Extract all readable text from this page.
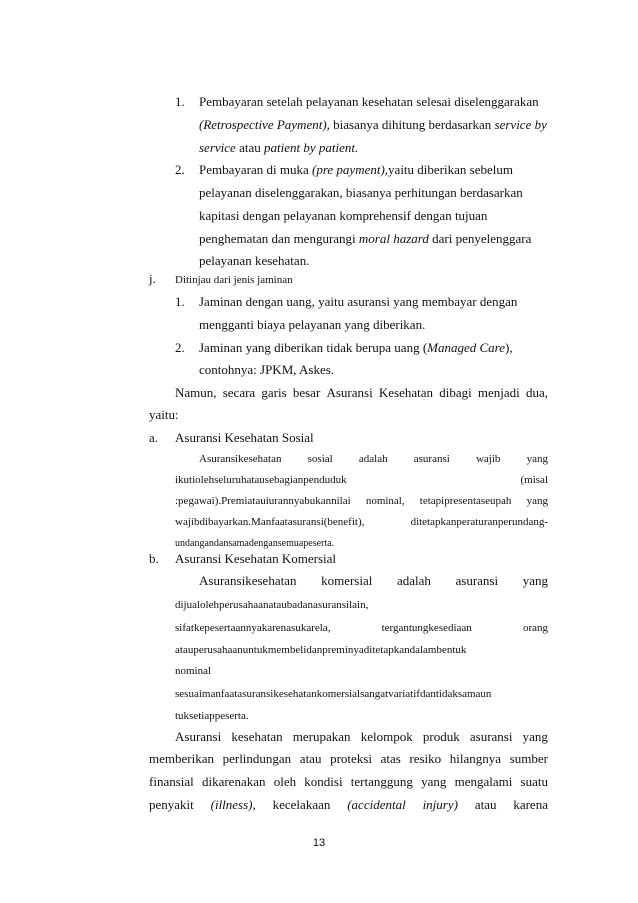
1. Pembayaran setelah pelayanan kesehatan selesai diselenggarakan
(Retrospective Payment), biasanya dihitung berdasarkan service by
service atau patient by patient.
2. Pembayaran di muka (pre payment),yaitu diberikan sebelum
pelayanan diselenggarakan, biasanya perhitungan berdasarkan
kapitasi dengan pelayanan komprehensif dengan tujuan
penghematan dan mengurangi moral hazard dari penyelenggara
pelayanan kesehatan.
j. Ditinjau dari jenis jaminan
1. Jaminan dengan uang, yaitu asuransi yang membayar dengan
mengganti biaya pelayanan yang diberikan.
2. Jaminan yang diberikan tidak berupa uang (Managed Care),
contohnya: JPKM, Askes.
Namun, secara garis besar Asuransi Kesehatan dibagi menjadi dua,
yaitu:
a. Asuransi Kesehatan Sosial
Asuransikesehatan sosial adalah asuransi wajib yang
ikutiolehseluruhatausebagianpenduduk	(misal
:pegawai).Premiatauiurannyabukannilai nominal, tetapipresentaseupah yang
wajibdibayarkan.Manfaatasuransi(benefit),	ditetapkanperaturanperundang-
undangandansamadengansemuapeserta.
b. Asuransi Kesehatan Komersial
Asuransikesehatan komersial adalah asuransi yang
dijualolehperusahaanataubadanasuransilain,
sifatkepesertaannyakarenasukarela,	tergantungkesediaan	orang
atauperusahaanuntukmembelidanpreminyaditetapkandalambentuk
nominal
sesuaimanfaatasuransikesehatankomersialsangatvariatifdantidaksamaun
tuksetiappeserta.
Asuransi kesehatan merupakan kelompok produk asuransi yang
memberikan perlindungan atau proteksi atas resiko hilangnya sumber
finansial dikarenakan oleh kondisi tertanggung yang mengalami suatu
penyakit (illness), kecelakaan (accidental injury) atau karena
13
